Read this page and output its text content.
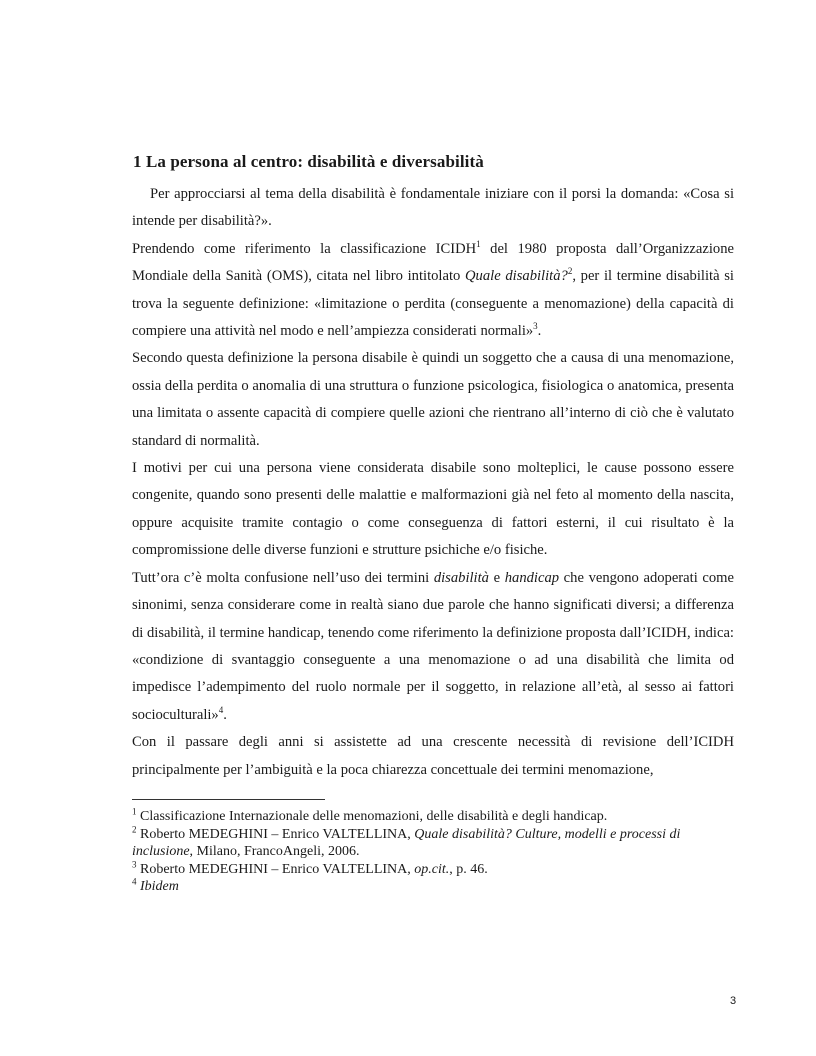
1 La persona al centro: disabilità e diversabilità

Per approcciarsi al tema della disabilità è fondamentale iniziare con il porsi la domanda: «Cosa si intende per disabilità?».

Prendendo come riferimento la classificazione ICIDH$^1$ del 1980 proposta dall’Organizzazione Mondiale della Sanità (OMS), citata nel libro intitolato Quale disabilità?$^2$, per il termine disabilità si trova la seguente definizione: «limitazione o perdita (conseguente a menomazione) della capacità di compiere una attività nel modo e nell’ampiezza considerati normali»$^3$.

Secondo questa definizione la persona disabile è quindi un soggetto che a causa di una menomazione, ossia della perdita o anomalia di una struttura o funzione psicologica, fisiologica o anatomica, presenta una limitata o assente capacità di compiere quelle azioni che rientrano all’interno di ciò che è valutato standard di normalità.

I motivi per cui una persona viene considerata disabile sono molteplici, le cause possono essere congenite, quando sono presenti delle malattie e malformazioni già nel feto al momento della nascita, oppure acquisite tramite contagio o come conseguenza di fattori esterni, il cui risultato è la compromissione delle diverse funzioni e strutture psichiche e/o fisiche.

Tutt’ora c’è molta confusione nell’uso dei termini disabilità e handicap che vengono adoperati come sinonimi, senza considerare come in realtà siano due parole che hanno significati diversi; a differenza di disabilità, il termine handicap, tenendo come riferimento la definizione proposta dall’ICIDH, indica: «condizione di svantaggio conseguente a una menomazione o ad una disabilità che limita od impedisce l’adempimento del ruolo normale per il soggetto, in relazione all’età, al sesso ai fattori socioculturali»$^4$.

Con il passare degli anni si assistette ad una crescente necessità di revisione dell’ICIDH principalmente per l’ambiguità e la poca chiarezza concettuale dei termini menomazione,

$^1$ Classificazione Internazionale delle menomazioni, delle disabilità e degli handicap.

$^2$ Roberto MEDEGHINI – Enrico VALTELLINA, Quale disabilità? Culture, modelli e processi di inclusione, Milano, FrancoAngeli, 2006.

$^3$ Roberto MEDEGHINI – Enrico VALTELLINA, op.cit., p. 46.

$^4$ Ibidem

3
